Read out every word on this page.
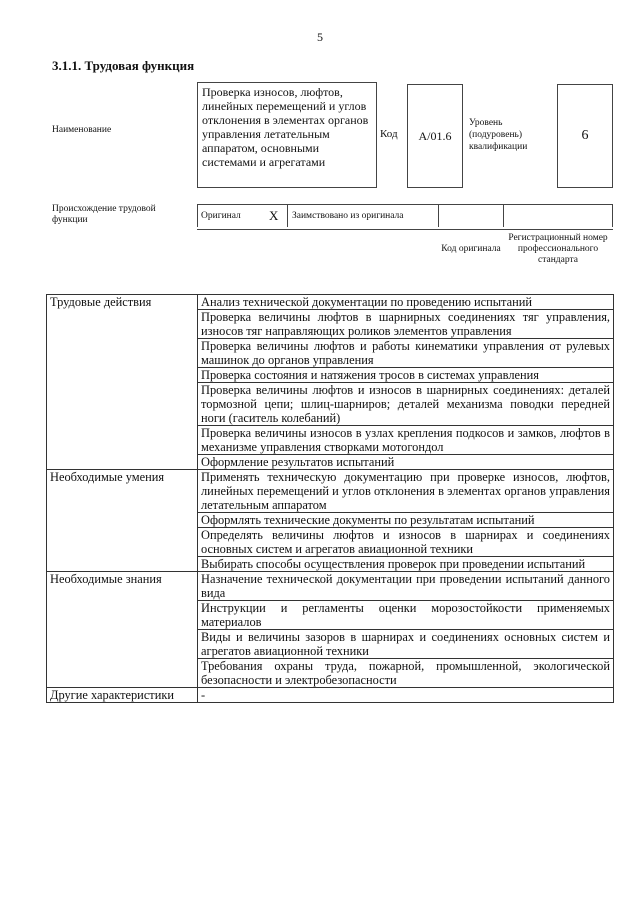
5
3.1.1. Трудовая функция
Наименование
Проверка износов, люфтов, линейных перемещений и углов отклонения в элементах органов управления летательным аппаратом, основными системами и агрегатами
Код	А/01.6
Уровень (подуровень) квалификации
6
Происхождение трудовой функции	Оригинал X Заимствовано из оригинала
Код оригинала
Регистрационный номер профессионального стандарта
Трудовые действия	Анализ технической документации по проведению испытаний
	Проверка величины люфтов в шарнирных соединениях тяг управления, износов тяг направляющих роликов элементов управления
	Проверка величины люфтов и работы кинематики управления от рулевых машинок до органов управления
	Проверка состояния и натяжения тросов в системах управления
	Проверка величины люфтов и износов в шарнирных соединениях: деталей тормозной цепи; шлиц-шарниров; деталей механизма поводки передней ноги (гаситель колебаний)
	Проверка величины износов в узлах крепления подкосов и замков, люфтов в механизме управления створками мотогондол
	Оформление результатов испытаний
Необходимые умения	Применять техническую документацию при проверке износов, люфтов, линейных перемещений и углов отклонения в элементах органов управления летательным аппаратом
	Оформлять технические документы по результатам испытаний
	Определять величины люфтов и износов в шарнирах и соединениях основных систем и агрегатов авиационной техники
	Выбирать способы осуществления проверок при проведении испытаний
Необходимые знания	Назначение технической документации при проведении испытаний данного вида
	Инструкции и регламенты оценки морозостойкости применяемых материалов
	Виды и величины зазоров в шарнирах и соединениях основных систем и агрегатов авиационной техники
	Требования охраны труда, пожарной, промышленной, экологической безопасности и электробезопасности
Другие характеристики	-
